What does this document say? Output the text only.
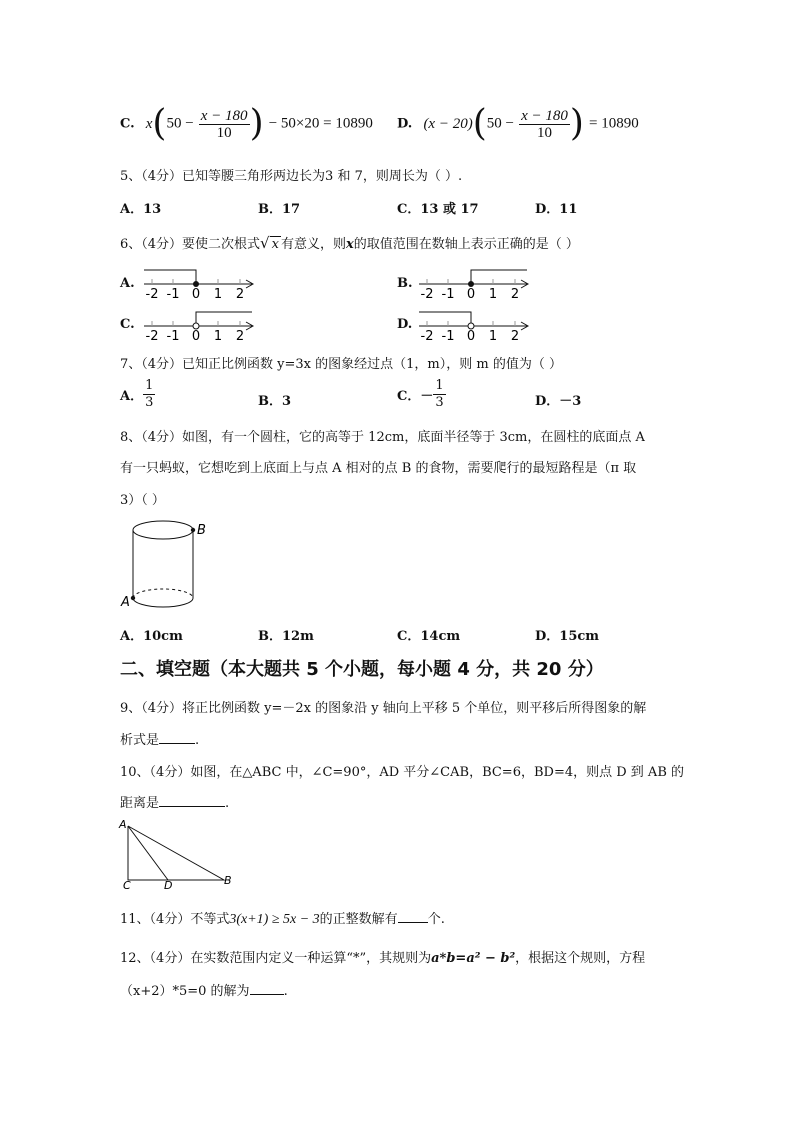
C. $x(50 - \frac{x - 180}{10}$ ) − 50×20 = 10890 D. $(x - 20)(50 - \frac{x - 180}{10}$ ) = 10890
5、（4分）已知等腰三角形两边长为3 和 7，则周长为（ ）.
A．13	B．17	C．13 或 17	D．11
6、（4分）要使二次根式√ x 有意义，则x的取值范围在数轴上表示正确的是（ ）
A.	B.
C.	D.
-2 -1 0 1 2	-2 -1 0 1 2
-2 -1 0 1 2	-2 -1 0 1 2
7、（4分）已知正比例函数 y=3x 的图象经过点（1，m），则 m 的值为（ ）
A． $\frac{1}{3}$	B．3	C．－ $\frac{1}{3}$	D．－3
8、（4分）如图，有一个圆柱，它的高等于 12cm，底面半径等于 3cm，在圆柱的底面点 A
有一只蚂蚁，它想吃到上底面上与点 A 相对的点 B 的食物，需要爬行的最短路程是（π 取
3）（ ）
A
B
A．10cm	B．12m	C．14cm	D．15cm
二、填空题（本大题共 5 个小题，每小题 4 分，共 20 分）
9、（4分）将正比例函数 y=－2x 的图象沿 y 轴向上平移 5 个单位，则平移后所得图象的解
析式是	.
10、（4分）如图，在△ABC 中，∠C=90°，AD 平分∠CAB，BC=6，BD=4，则点 D 到 AB 的
距离是	.
A
C	D	B
11、（4分）不等式3(x+1) ≥ 5x − 3的正整数解有 个.
12、（4分）在实数范围内定义一种运算“*”，其规则为a*b=a² − b²，根据这个规则，方程
（x+2）*5=0 的解为	.
